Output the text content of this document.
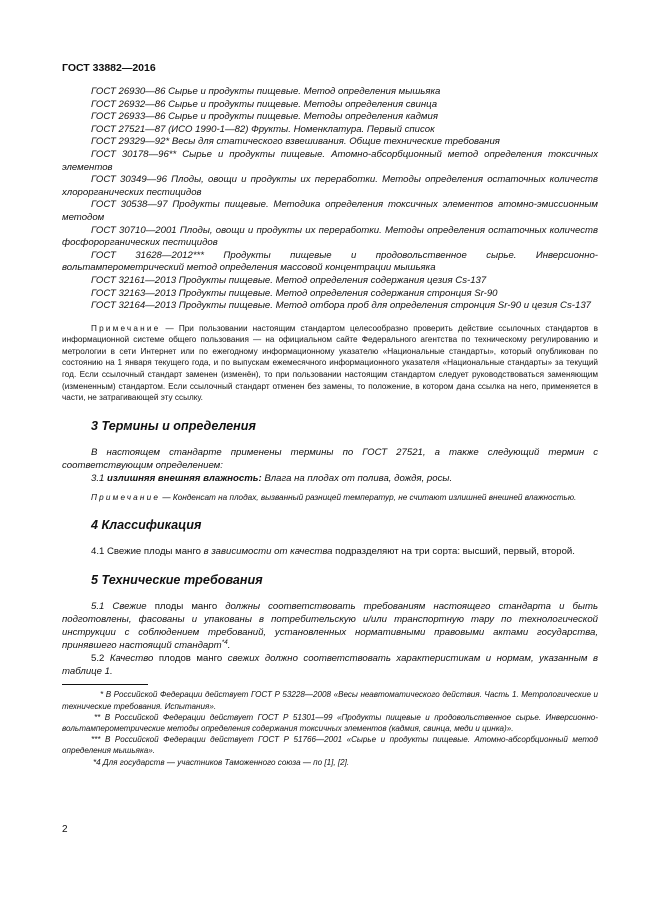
ГОСТ 33882—2016

ГОСТ 26930—86 Сырье и продукты пищевые. Метод определения мышьяка

ГОСТ 26932—86 Сырье и продукты пищевые. Методы определения свинца

ГОСТ 26933—86 Сырье и продукты пищевые. Методы определения кадмия

ГОСТ 27521—87 (ИСО 1990-1—82) Фрукты. Номенклатура. Первый список

ГОСТ 29329—92* Весы для статического взвешивания. Общие технические требования

ГОСТ 30178—96** Сырье и продукты пищевые. Атомно-абсорбционный метод определения токсичных элементов

ГОСТ 30349—96 Плоды, овощи и продукты их переработки. Методы определения остаточных количеств хлорорганических пестицидов

ГОСТ 30538—97 Продукты пищевые. Методика определения токсичных элементов атомно-эмиссионным методом

ГОСТ 30710—2001 Плоды, овощи и продукты их переработки. Методы определения остаточных количеств фосфорорганических пестицидов

ГОСТ 31628—2012*** Продукты пищевые и продовольственное сырье. Инверсионно-вольтамперометрический метод определения массовой концентрации мышьяка

ГОСТ 32161—2013 Продукты пищевые. Метод определения содержания цезия Cs-137

ГОСТ 32163—2013 Продукты пищевые. Метод определения содержания стронция Sr-90

ГОСТ 32164—2013 Продукты пищевые. Метод отбора проб для определения стронция Sr-90 и цезия Cs-137

Примечание — При пользовании настоящим стандартом целесообразно проверить действие ссылочных стандартов в информационной системе общего пользования — на официальном сайте Федерального агентства по техническому регулированию и метрологии в сети Интернет или по ежегодному информационному указателю «Национальные стандарты», который опубликован по состоянию на 1 января текущего года, и по выпускам ежемесячного информационного указателя «Национальные стандарты» за текущий год. Если ссылочный стандарт заменен (изменён), то при пользовании настоящим стандартом следует руководствоваться заменяющим (измененным) стандартом. Если ссылочный стандарт отменен без замены, то положение, в котором дана ссылка на него, применяется в части, не затрагивающей эту ссылку.

3 Термины и определения

В настоящем стандарте применены термины по ГОСТ 27521, а также следующий термин с соответствующим определением:

3.1 излишняя внешняя влажность: Влага на плодах от полива, дождя, росы.

Примечание — Конденсат на плодах, вызванный разницей температур, не считают излишней внешней влажностью.

4 Классификация

4.1 Свежие плоды манго в зависимости от качества подразделяют на три сорта: высший, первый, второй.

5 Технические требования

5.1 Свежие плоды манго должны соответствовать требованиям настоящего стандарта и быть подготовлены, фасованы и упакованы в потребительскую и/или транспортную тару по технологической инструкции с соблюдением требований, установленных нормативными правовыми актами государства, принявшего настоящий стандарт$^{*4}$.

5.2 Качество плодов манго свежих должно соответствовать характеристикам и нормам, указанным в таблице 1.

* В Российской Федерации действует ГОСТ Р 53228—2008 «Весы неавтоматического действия. Часть 1. Метрологические и технические требования. Испытания».

** В Российской Федерации действует ГОСТ Р 51301—99 «Продукты пищевые и продовольственное сырье. Инверсионно-вольтамперометрические методы определения содержания токсичных элементов (кадмия, свинца, меди и цинка)».

*** В Российской Федерации действует ГОСТ Р 51766—2001 «Сырье и продукты пищевые. Атомно-абсорбционный метод определения мышьяка».

*4 Для государств — участников Таможенного союза — по [1], [2].

2
